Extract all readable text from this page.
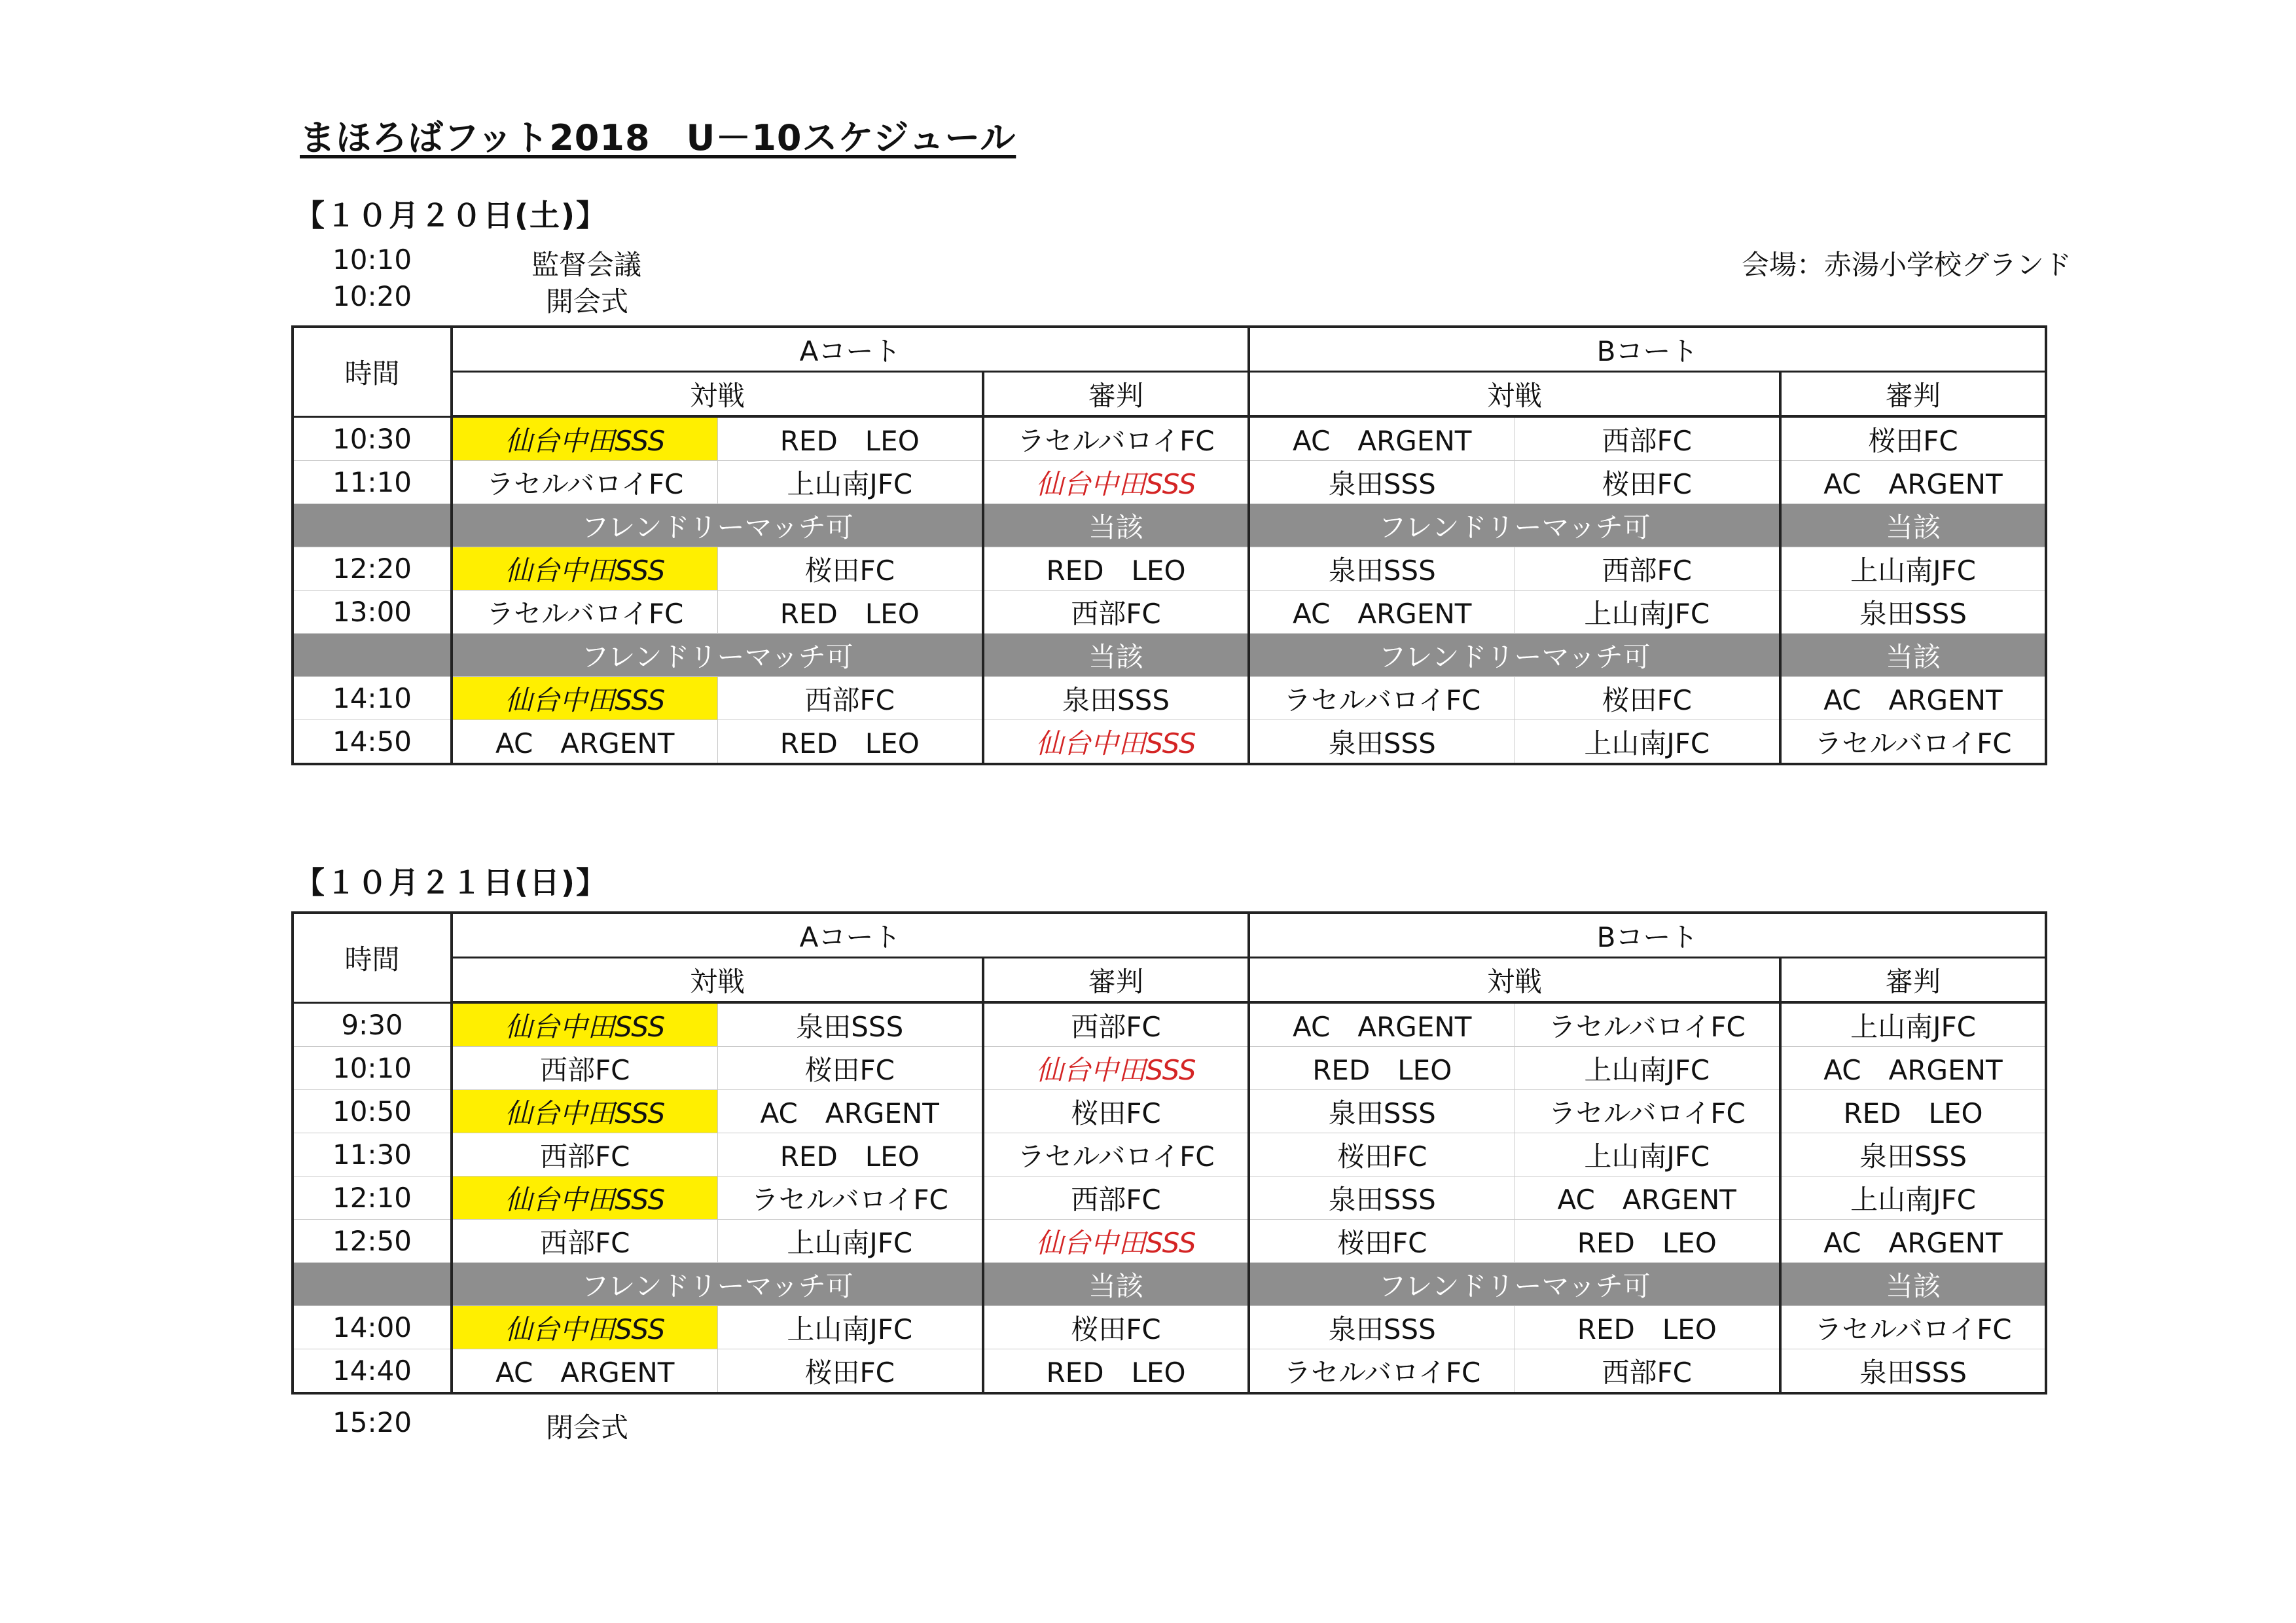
まほろばフット2018　U－10スケジュール
【１０月２０日(土)】
10:10	監督会議
10:20	開会式
会場：赤湯小学校グランド
時間	Aコート			Bコート		
	対戦		審判	対戦		審判
10:30	仙台中田SSS	RED　LEO	ラセルバロイFC	AC　ARGENT	西部FC	桜田FC
11:10	ラセルバロイFC	上山南JFC	仙台中田SSS	泉田SSS	桜田FC	AC　ARGENT
	フレンドリーマッチ可		当該	フレンドリーマッチ可		当該
12:20	仙台中田SSS	桜田FC	RED　LEO	泉田SSS	西部FC	上山南JFC
13:00	ラセルバロイFC	RED　LEO	西部FC	AC　ARGENT	上山南JFC	泉田SSS
	フレンドリーマッチ可		当該	フレンドリーマッチ可		当該
14:10	仙台中田SSS	西部FC	泉田SSS	ラセルバロイFC	桜田FC	AC　ARGENT
14:50	AC　ARGENT	RED　LEO	仙台中田SSS	泉田SSS	上山南JFC	ラセルバロイFC
【１０月２１日(日)】
時間	Aコート			Bコート		
	対戦		審判	対戦		審判
9:30	仙台中田SSS	泉田SSS	西部FC	AC　ARGENT	ラセルバロイFC	上山南JFC
10:10	西部FC	桜田FC	仙台中田SSS	RED　LEO	上山南JFC	AC　ARGENT
10:50	仙台中田SSS	AC　ARGENT	桜田FC	泉田SSS	ラセルバロイFC	RED　LEO
11:30	西部FC	RED　LEO	ラセルバロイFC	桜田FC	上山南JFC	泉田SSS
12:10	仙台中田SSS	ラセルバロイFC	西部FC	泉田SSS	AC　ARGENT	上山南JFC
12:50	西部FC	上山南JFC	仙台中田SSS	桜田FC	RED　LEO	AC　ARGENT
	フレンドリーマッチ可		当該	フレンドリーマッチ可		当該
14:00	仙台中田SSS	上山南JFC	桜田FC	泉田SSS	RED　LEO	ラセルバロイFC
14:40	AC　ARGENT	桜田FC	RED　LEO	ラセルバロイFC	西部FC	泉田SSS
15:20	閉会式
